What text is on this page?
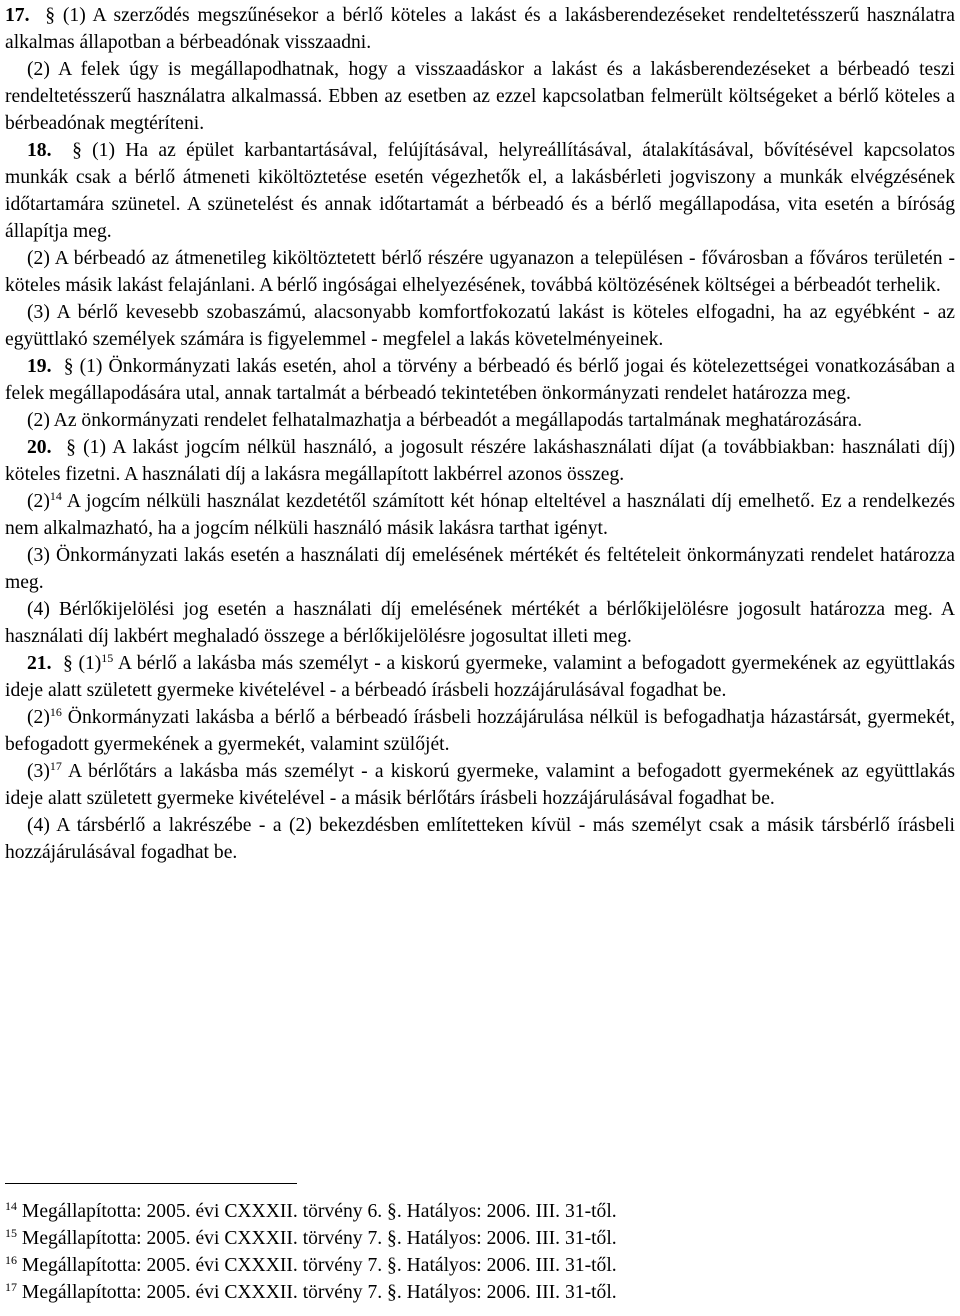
17. § (1) A szerződés megszűnésekor a bérlő köteles a lakást és a lakásberendezéseket rendeltetésszerű használatra alkalmas állapotban a bérbeadónak visszaadni.

(2) A felek úgy is megállapodhatnak, hogy a visszaadáskor a lakást és a lakásberendezéseket a bérbeadó teszi rendeltetésszerű használatra alkalmassá. Ebben az esetben az ezzel kapcsolatban felmerült költségeket a bérlő köteles a bérbeadónak megtéríteni.

18. § (1) Ha az épület karbantartásával, felújításával, helyreállításával, átalakításával, bővítésével kapcsolatos munkák csak a bérlő átmeneti kiköltöztetése esetén végezhetők el, a lakásbérleti jogviszony a munkák elvégzésének időtartamára szünetel. A szünetelést és annak időtartamát a bérbeadó és a bérlő megállapodása, vita esetén a bíróság állapítja meg.

(2) A bérbeadó az átmenetileg kiköltöztetett bérlő részére ugyanazon a településen - fővárosban a főváros területén - köteles másik lakást felajánlani. A bérlő ingóságai elhelyezésének, továbbá költözésének költségei a bérbeadót terhelik.

(3) A bérlő kevesebb szobaszámú, alacsonyabb komfortfokozatú lakást is köteles elfogadni, ha az egyébként - az együttlakó személyek számára is figyelemmel - megfelel a lakás követelményeinek.

19. § (1) Önkormányzati lakás esetén, ahol a törvény a bérbeadó és bérlő jogai és kötelezettségei vonatkozásában a felek megállapodására utal, annak tartalmát a bérbeadó tekintetében önkormányzati rendelet határozza meg.

(2) Az önkormányzati rendelet felhatalmazhatja a bérbeadót a megállapodás tartalmának meghatározására.

20. § (1) A lakást jogcím nélkül használó, a jogosult részére lakáshasználati díjat (a továbbiakban: használati díj) köteles fizetni. A használati díj a lakásra megállapított lakbérrel azonos összeg.

$(2)^{14}$ A jogcím nélküli használat kezdetétől számított két hónap elteltével a használati díj emelhető. Ez a rendelkezés nem alkalmazható, ha a jogcím nélküli használó másik lakásra tarthat igényt.

(3) Önkormányzati lakás esetén a használati díj emelésének mértékét és feltételeit önkormányzati rendelet határozza meg.

(4) Bérlőkijelölési jog esetén a használati díj emelésének mértékét a bérlőkijelölésre jogosult határozza meg. A használati díj lakbért meghaladó összege a bérlőkijelölésre jogosultat illeti meg.

21. § $(1)^{15}$ A bérlő a lakásba más személyt - a kiskorú gyermeke, valamint a befogadott gyermekének az együttlakás ideje alatt született gyermeke kivételével - a bérbeadó írásbeli hozzájárulásával fogadhat be.

$(2)^{16}$ Önkormányzati lakásba a bérlő a bérbeadó írásbeli hozzájárulása nélkül is befogadhatja házastársát, gyermekét, befogadott gyermekének a gyermekét, valamint szülőjét.

$(3)^{17}$ A bérlőtárs a lakásba más személyt - a kiskorú gyermeke, valamint a befogadott gyermekének az együttlakás ideje alatt született gyermeke kivételével - a másik bérlőtárs írásbeli hozzájárulásával fogadhat be.

(4) A társbérlő a lakrészébe - a (2) bekezdésben említetteken kívül - más személyt csak a másik társbérlő írásbeli hozzájárulásával fogadhat be.

$^{14}$ Megállapította: 2005. évi CXXXII. törvény 6. §. Hatályos: 2006. III. 31-től.

$^{15}$ Megállapította: 2005. évi CXXXII. törvény 7. §. Hatályos: 2006. III. 31-től.

$^{16}$ Megállapította: 2005. évi CXXXII. törvény 7. §. Hatályos: 2006. III. 31-től.

$^{17}$ Megállapította: 2005. évi CXXXII. törvény 7. §. Hatályos: 2006. III. 31-től.
